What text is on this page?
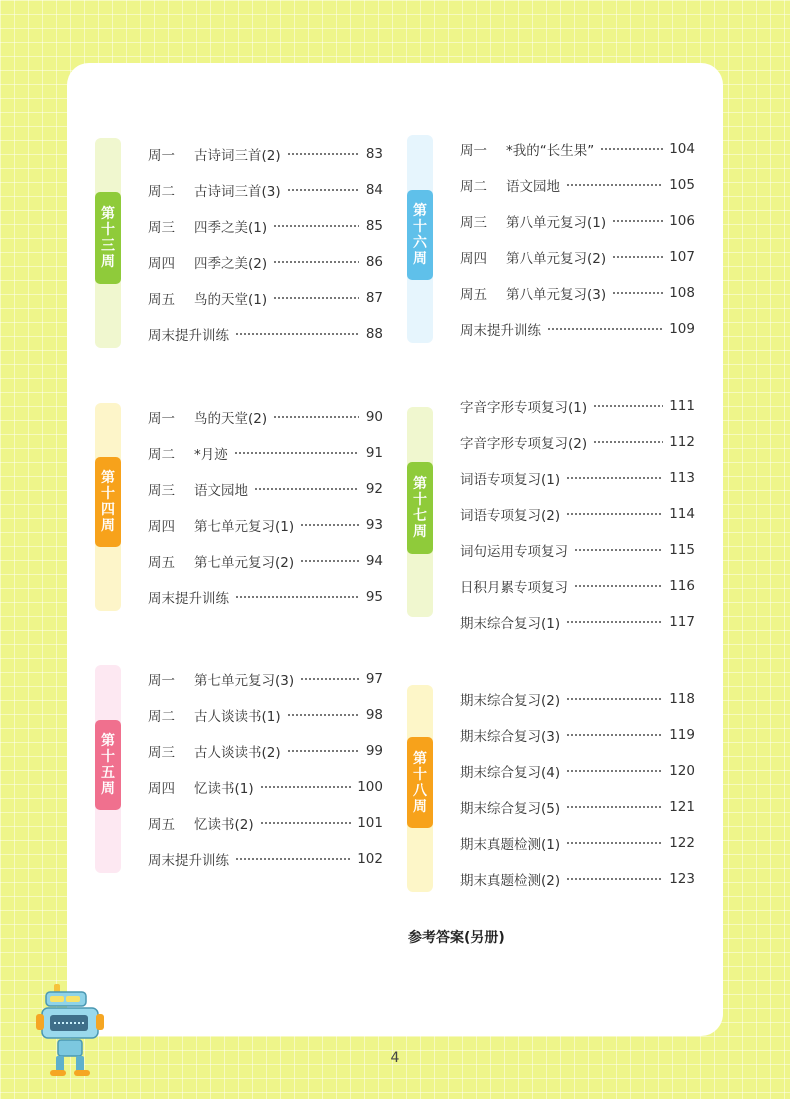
第
十
三
周
周一	古诗词三首(2)	83
周二	古诗词三首(3)	84
周三	四季之美(1)	85
周四	四季之美(2)	86
周五	鸟的天堂(1)	87
周末提升训练	88
第
十
四
周
周一	鸟的天堂(2)	90
周二	*月迹	91
周三	语文园地	92
周四	第七单元复习(1)	93
周五	第七单元复习(2)	94
周末提升训练	95
第
十
五
周
周一	第七单元复习(3)	97
周二	古人谈读书(1)	98
周三	古人谈读书(2)	99
周四	忆读书(1)	100
周五	忆读书(2)	101
周末提升训练	102
第
十
六
周
周一	*我的“长生果”	104
周二	语文园地	105
周三	第八单元复习(1)	106
周四	第八单元复习(2)	107
周五	第八单元复习(3)	108
周末提升训练	109
第
十
七
周
字音字形专项复习(1)	111
字音字形专项复习(2)	112
词语专项复习(1)	113
词语专项复习(2)	114
词句运用专项复习	115
日积月累专项复习	116
期末综合复习(1)	117
第
十
八
周
期末综合复习(2)	118
期末综合复习(3)	119
期末综合复习(4)	120
期末综合复习(5)	121
期末真题检测(1)	122
期末真题检测(2)	123
参考答案(另册)
4
